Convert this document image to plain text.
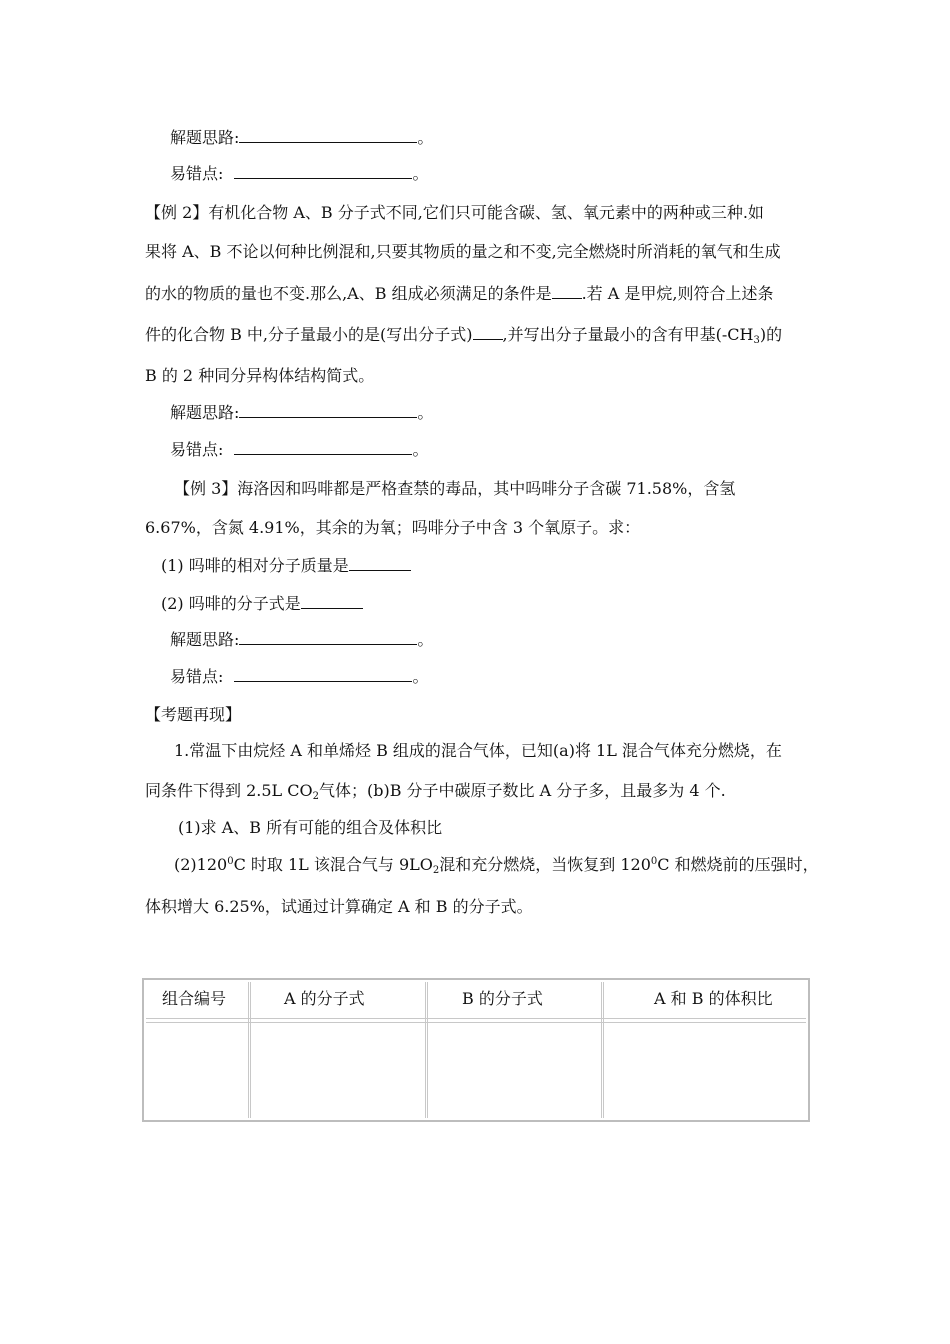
解题思路:	。
易错点:	。
【例 2】有机化合物 A、B 分子式不同,它们只可能含碳、氢、氧元素中的两种或三种.如
果将 A、B 不论以何种比例混和,只要其物质的量之和不变,完全燃烧时所消耗的氧气和生成
的水的物质的量也不变.那么,A、B 组成必须满足的条件是 .若 A 是甲烷,则符合上述条
件的化合物 B 中,分子量最小的是(写出分子式) ,并写出分子量最小的含有甲基$(-CH_3)$的
B 的 2 种同分异构体结构简式。
解题思路:	。
易错点:	。
【例 3】海洛因和吗啡都是严格查禁的毒品，其中吗啡分子含碳 71.58%，含氢
6.67%，含氮 4.91%，其余的为氧；吗啡分子中含 3 个氧原子。求：
(1) 吗啡的相对分子质量是
(2) 吗啡的分子式是
解题思路:	。
易错点:	。
【考题再现】
1.常温下由烷烃 A 和单烯烃 B 组成的混合气体，已知(a)将 1L 混合气体充分燃烧，在
同条件下得到 2.5L $CO_2$气体；(b)B 分子中碳原子数比 A 分子多，且最多为 4 个.
(1)求 A、B 所有可能的组合及体积比
$(2)120^0C$ 时取 1L 该混合气与 $9LO_2$混和充分燃烧，当恢复到 $120^0C$ 和燃烧前的压强时，
体积增大 6.25%，试通过计算确定 A 和 B 的分子式。
组合编号	A 的分子式	B 的分子式	A 和 B 的体积比
